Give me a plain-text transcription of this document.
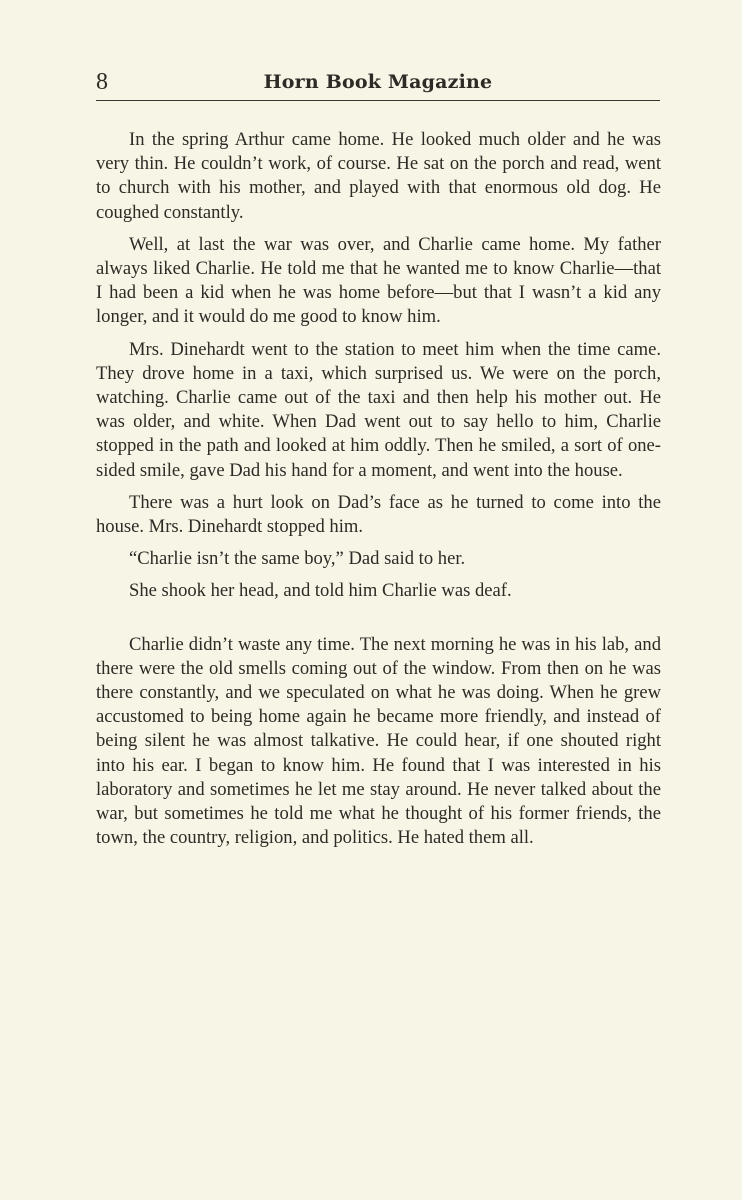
8	Horn Book Magazine

In the spring Arthur came home. He looked much older and he was very thin. He couldn’t work, of course. He sat on the porch and read, went to church with his mother, and played with that enormous old dog. He coughed constantly.

Well, at last the war was over, and Charlie came home. My father always liked Charlie. He told me that he wanted me to know Charlie—that I had been a kid when he was home before—but that I wasn’t a kid any longer, and it would do me good to know him.

Mrs. Dinehardt went to the station to meet him when the time came. They drove home in a taxi, which surprised us. We were on the porch, watching. Charlie came out of the taxi and then help his mother out. He was older, and white. When Dad went out to say hello to him, Charlie stopped in the path and looked at him oddly. Then he smiled, a sort of one-sided smile, gave Dad his hand for a moment, and went into the house.

There was a hurt look on Dad’s face as he turned to come into the house. Mrs. Dinehardt stopped him.

“Charlie isn’t the same boy,” Dad said to her.

She shook her head, and told him Charlie was deaf.

Charlie didn’t waste any time. The next morning he was in his lab, and there were the old smells coming out of the window. From then on he was there constantly, and we speculated on what he was doing. When he grew accustomed to being home again he became more friendly, and instead of being silent he was almost talkative. He could hear, if one shouted right into his ear. I began to know him. He found that I was interested in his laboratory and sometimes he let me stay around. He never talked about the war, but sometimes he told me what he thought of his former friends, the town, the country, religion, and politics. He hated them all.
